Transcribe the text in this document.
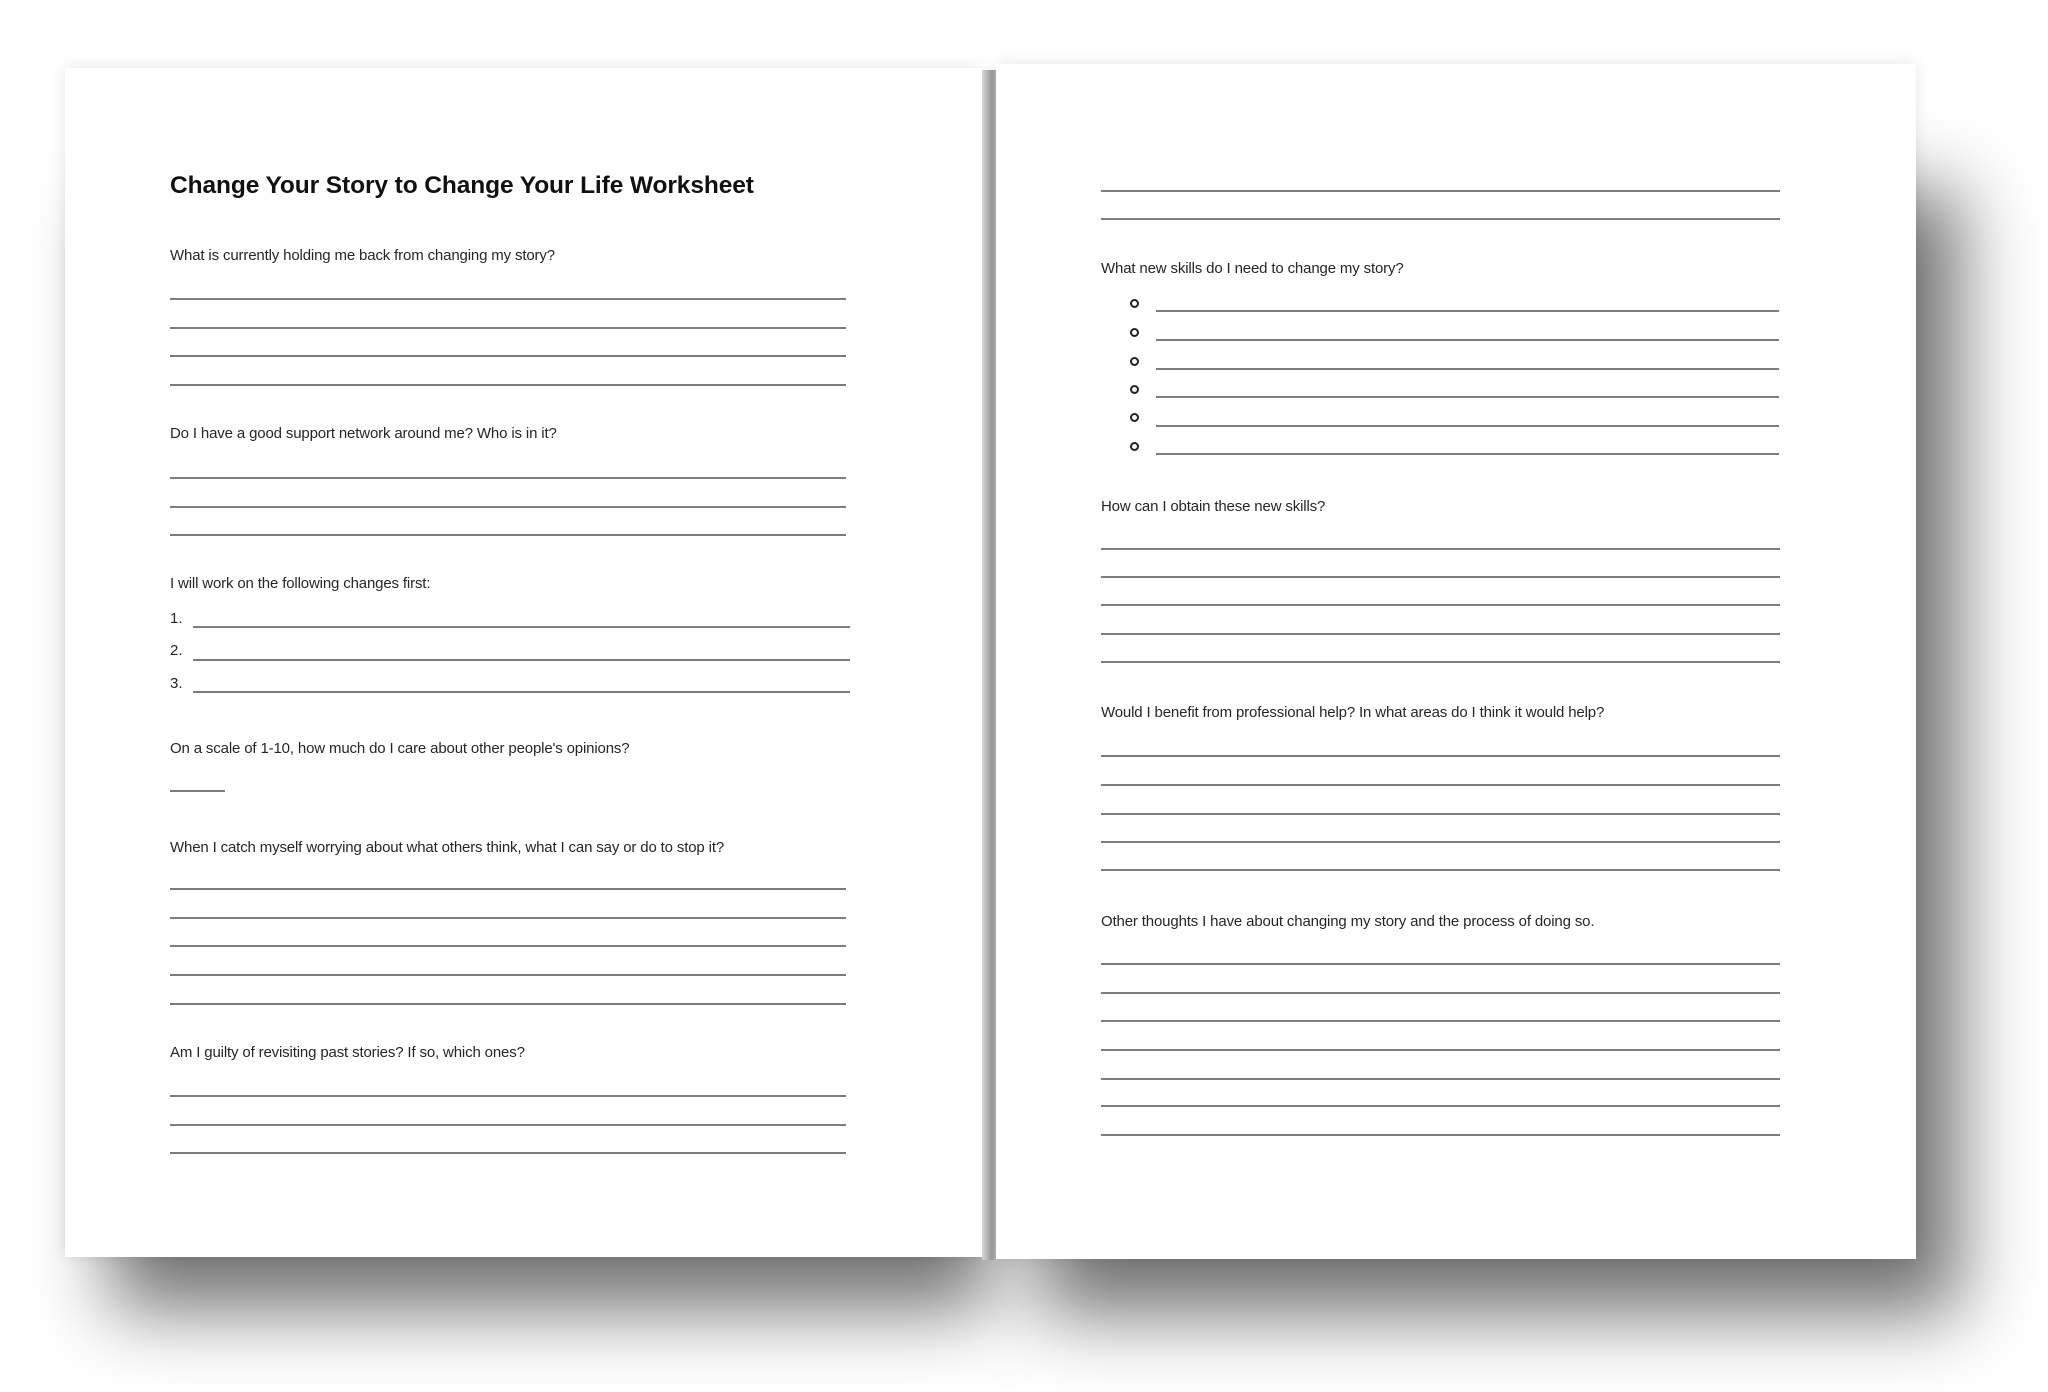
Change Your Story to Change Your Life Worksheet
What is currently holding me back from changing my story?
Do I have a good support network around me? Who is in it?
I will work on the following changes first:
1.
2.
3.
On a scale of 1-10, how much do I care about other people's opinions?
When I catch myself worrying about what others think, what I can say or do to stop it?
Am I guilty of revisiting past stories? If so, which ones?
What new skills do I need to change my story?
How can I obtain these new skills?
Would I benefit from professional help? In what areas do I think it would help?
Other thoughts I have about changing my story and the process of doing so.
